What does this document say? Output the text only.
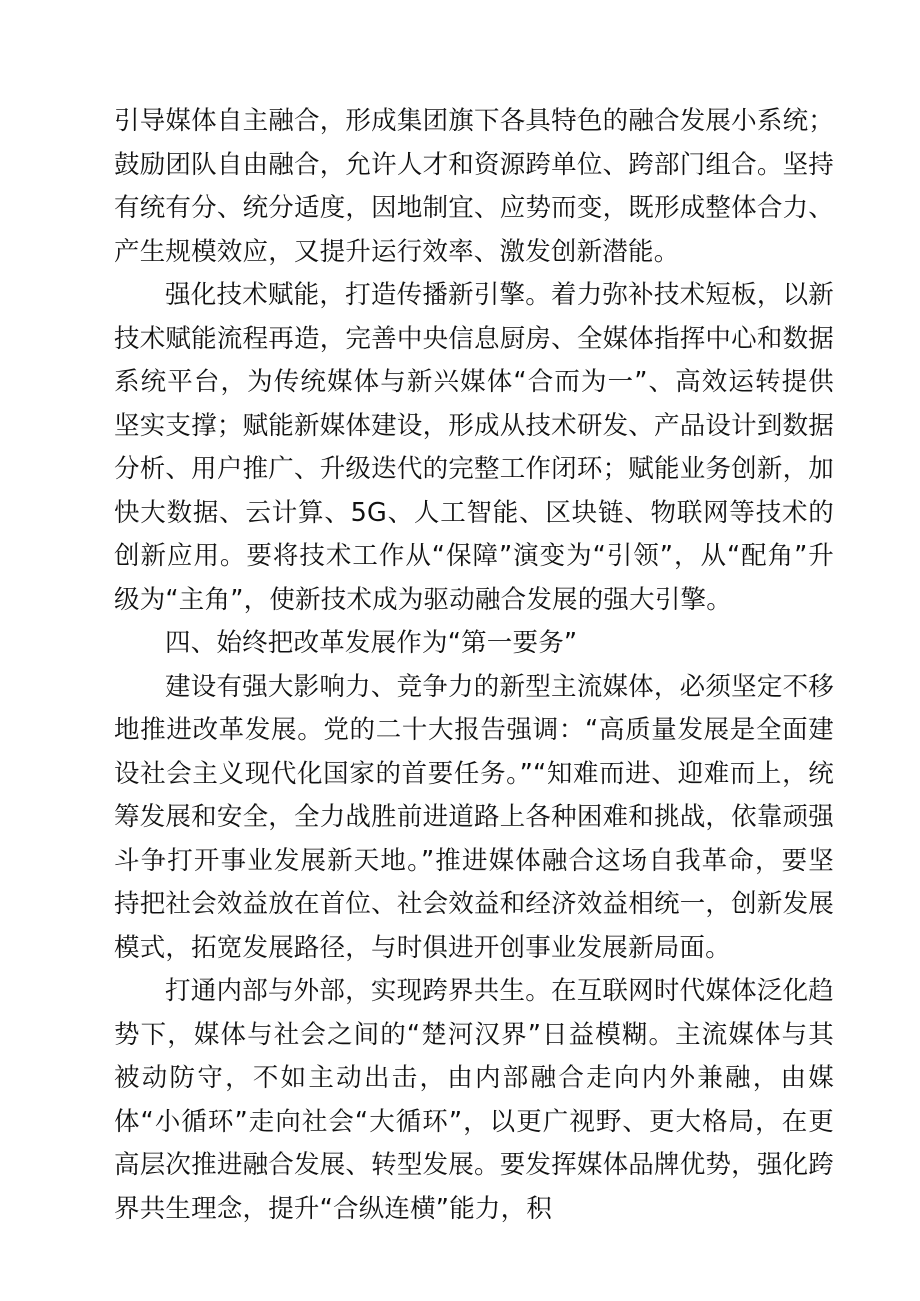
引导媒体自主融合，形成集团旗下各具特色的融合发展小系统；鼓励团队自由融合，允许人才和资源跨单位、跨部门组合。坚持有统有分、统分适度，因地制宜、应势而变，既形成整体合力、产生规模效应，又提升运行效率、激发创新潜能。

强化技术赋能，打造传播新引擎。着力弥补技术短板，以新技术赋能流程再造，完善中央信息厨房、全媒体指挥中心和数据系统平台，为传统媒体与新兴媒体“合而为一”、高效运转提供坚实支撑；赋能新媒体建设，形成从技术研发、产品设计到数据分析、用户推广、升级迭代的完整工作闭环；赋能业务创新，加快大数据、云计算、5G、人工智能、区块链、物联网等技术的创新应用。要将技术工作从“保障”演变为“引领”，从“配角”升级为“主角”，使新技术成为驱动融合发展的强大引擎。

四、始终把改革发展作为“第一要务”

建设有强大影响力、竞争力的新型主流媒体，必须坚定不移地推进改革发展。党的二十大报告强调：“高质量发展是全面建设社会主义现代化国家的首要任务。”“知难而进、迎难而上，统筹发展和安全，全力战胜前进道路上各种困难和挑战，依靠顽强斗争打开事业发展新天地。”推进媒体融合这场自我革命，要坚持把社会效益放在首位、社会效益和经济效益相统一，创新发展模式，拓宽发展路径，与时俱进开创事业发展新局面。

打通内部与外部，实现跨界共生。在互联网时代媒体泛化趋势下，媒体与社会之间的“楚河汉界”日益模糊。主流媒体与其被动防守，不如主动出击，由内部融合走向内外兼融，由媒体“小循环”走向社会“大循环”，以更广视野、更大格局，在更高层次推进融合发展、转型发展。要发挥媒体品牌优势，强化跨界共生理念，提升“合纵连横”能力，积
